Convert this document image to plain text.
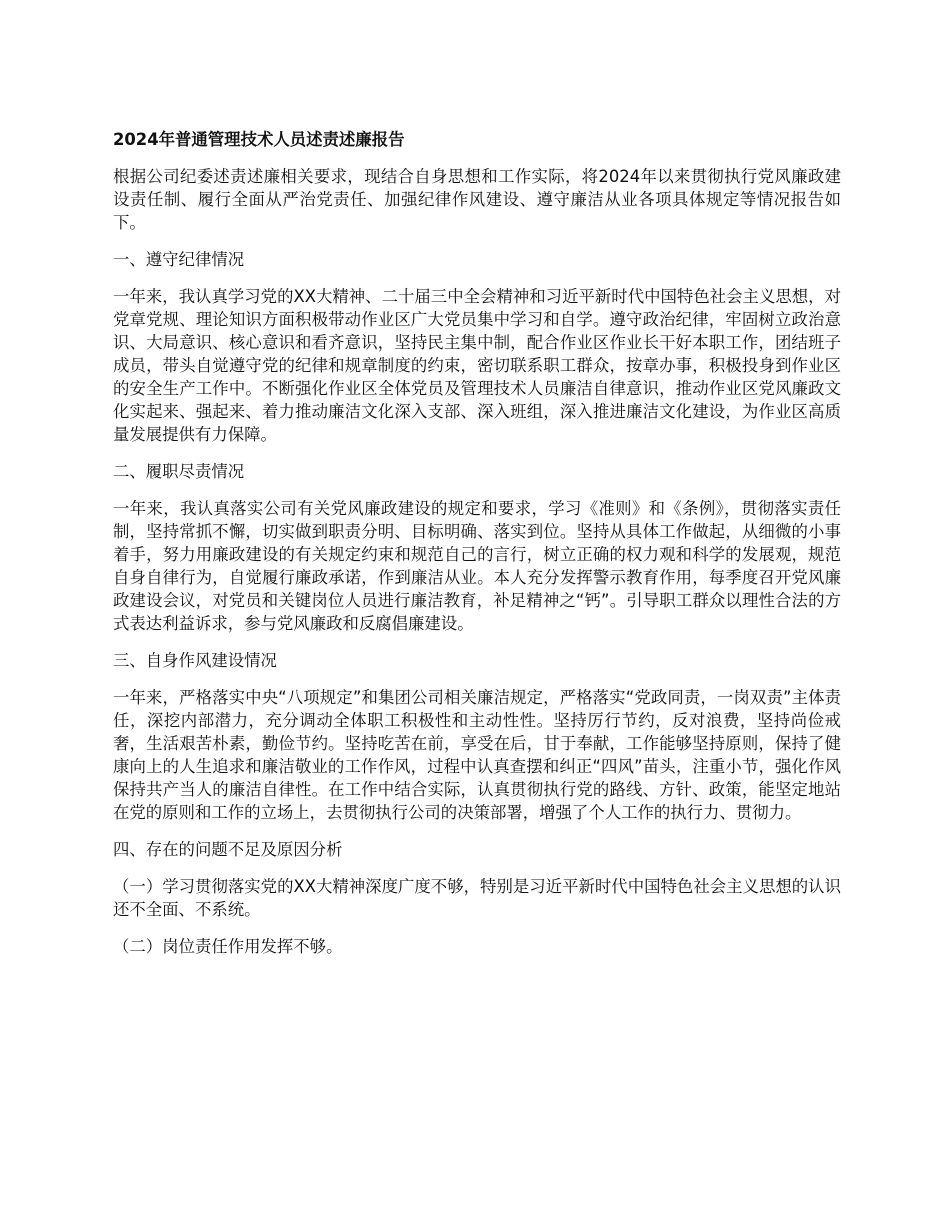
2024年普通管理技术人员述责述廉报告
根据公司纪委述责述廉相关要求，现结合自身思想和工作实际，将2024年以来贯彻执行党风廉政建设责任制、履行全面从严治党责任、加强纪律作风建设、遵守廉洁从业各项具体规定等情况报告如下。
一、遵守纪律情况
一年来，我认真学习党的XX大精神、二十届三中全会精神和习近平新时代中国特色社会主义思想，对党章党规、理论知识方面积极带动作业区广大党员集中学习和自学。遵守政治纪律，牢固树立政治意识、大局意识、核心意识和看齐意识，坚持民主集中制，配合作业区作业长干好本职工作，团结班子成员，带头自觉遵守党的纪律和规章制度的约束，密切联系职工群众，按章办事，积极投身到作业区的安全生产工作中。不断强化作业区全体党员及管理技术人员廉洁自律意识，推动作业区党风廉政文化实起来、强起来、着力推动廉洁文化深入支部、深入班组，深入推进廉洁文化建设，为作业区高质量发展提供有力保障。
二、履职尽责情况
一年来，我认真落实公司有关党风廉政建设的规定和要求，学习《准则》和《条例》，贯彻落实责任制，坚持常抓不懈，切实做到职责分明、目标明确、落实到位。坚持从具体工作做起，从细微的小事着手，努力用廉政建设的有关规定约束和规范自己的言行，树立正确的权力观和科学的发展观，规范自身自律行为，自觉履行廉政承诺，作到廉洁从业。本人充分发挥警示教育作用，每季度召开党风廉政建设会议，对党员和关键岗位人员进行廉洁教育，补足精神之“钙”。引导职工群众以理性合法的方式表达利益诉求，参与党风廉政和反腐倡廉建设。
三、自身作风建设情况
一年来，严格落实中央“八项规定”和集团公司相关廉洁规定，严格落实“党政同责，一岗双责”主体责任，深挖内部潜力，充分调动全体职工积极性和主动性性。坚持厉行节约，反对浪费，坚持尚俭戒奢，生活艰苦朴素，勤俭节约。坚持吃苦在前，享受在后，甘于奉献，工作能够坚持原则，保持了健康向上的人生追求和廉洁敬业的工作作风，过程中认真查摆和纠正“四风”苗头，注重小节，强化作风保持共产当人的廉洁自律性。在工作中结合实际，认真贯彻执行党的路线、方针、政策，能坚定地站在党的原则和工作的立场上，去贯彻执行公司的决策部署，增强了个人工作的执行力、贯彻力。
四、存在的问题不足及原因分析
（一）学习贯彻落实党的XX大精神深度广度不够，特别是习近平新时代中国特色社会主义思想的认识还不全面、不系统。
（二）岗位责任作用发挥不够。
